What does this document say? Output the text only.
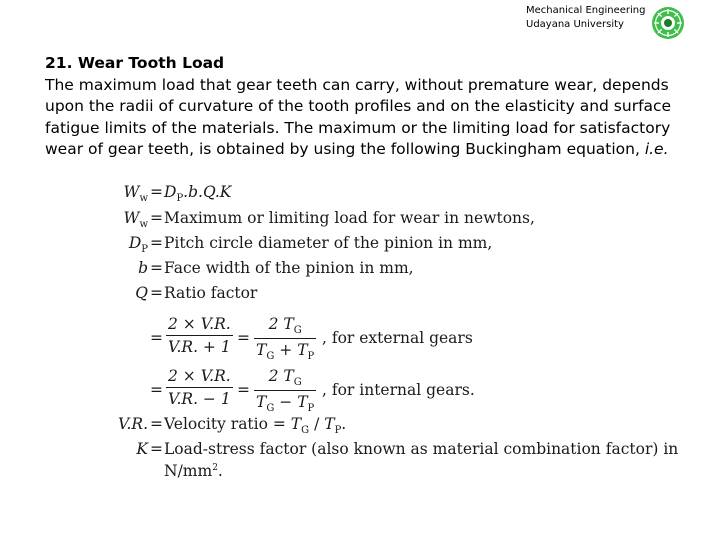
Mechanical Engineering
Udayana University
21. Wear Tooth Load
The maximum load that gear teeth can carry, without premature wear, depends upon the radii of curvature of the tooth profiles and on the elasticity and surface fatigue limits of the materials. The maximum or the limiting load for satisfactory wear of gear teeth, is obtained by using the following Buckingham equation, i.e.
$W_w = D_P.b.Q.K$
$W_w$ = Maximum or limiting load for wear in newtons,
$D_P$ = Pitch circle diameter of the pinion in mm,
b = Face width of the pinion in mm,
Q = Ratio factor
= $\frac{2 \times V.R.}{V.R. + 1} = \frac{2 T_G}{T_G + T_P}$ , for external gears
= $\frac{2 \times V.R.}{V.R. - 1} = \frac{2 T_G}{T_G - T_P}$ , for internal gears.
V.R. = Velocity ratio = $T_G / T_P$.
K = Load-stress factor (also known as material combination factor) in
$N/mm^2$.
